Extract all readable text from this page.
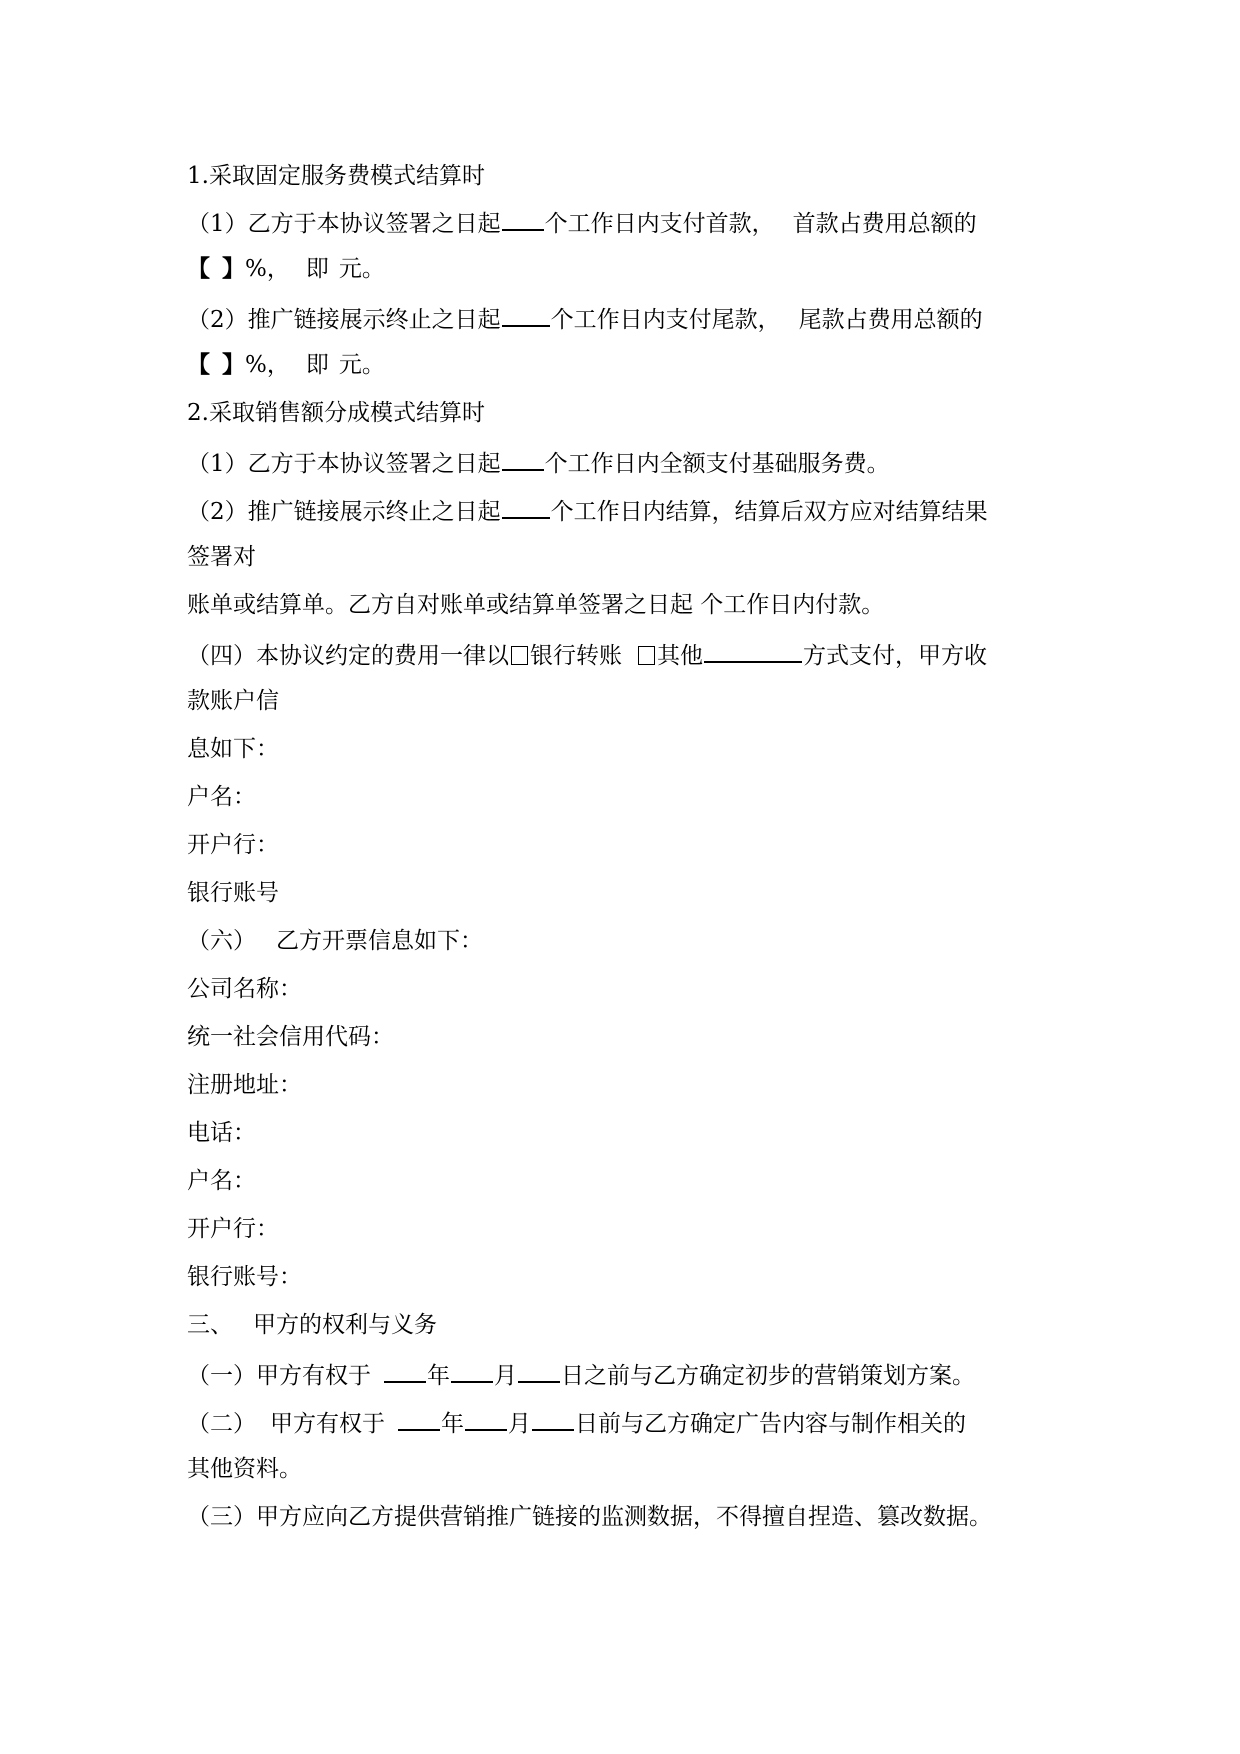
1.采取固定服务费模式结算时
（1）乙方于本协议签署之日起 个工作日内支付首款， 首款占费用总额的
【 】%， 即 元。
（2）推广链接展示终止之日起 个工作日内支付尾款， 尾款占费用总额的
【 】%， 即 元。
2.采取销售额分成模式结算时
（1）乙方于本协议签署之日起 个工作日内全额支付基础服务费。
（2）推广链接展示终止之日起 个工作日内结算，结算后双方应对结算结果
签署对
账单或结算单。乙方自对账单或结算单签署之日起 个工作日内付款。
（四）本协议约定的费用一律以 银行转账 其他	方式支付，甲方收
款账户信
息如下：
户名：
开户行：
银行账号
（六） 乙方开票信息如下：
公司名称：
统一社会信用代码：
注册地址：
电话：
户名：
开户行：
银行账号：
三、 甲方的权利与义务
（一）甲方有权于 年 月 日之前与乙方确定初步的营销策划方案。
（二） 甲方有权于 年 月 日前与乙方确定广告内容与制作相关的
其他资料。
（三）甲方应向乙方提供营销推广链接的监测数据，不得擅自捏造、篡改数据。
